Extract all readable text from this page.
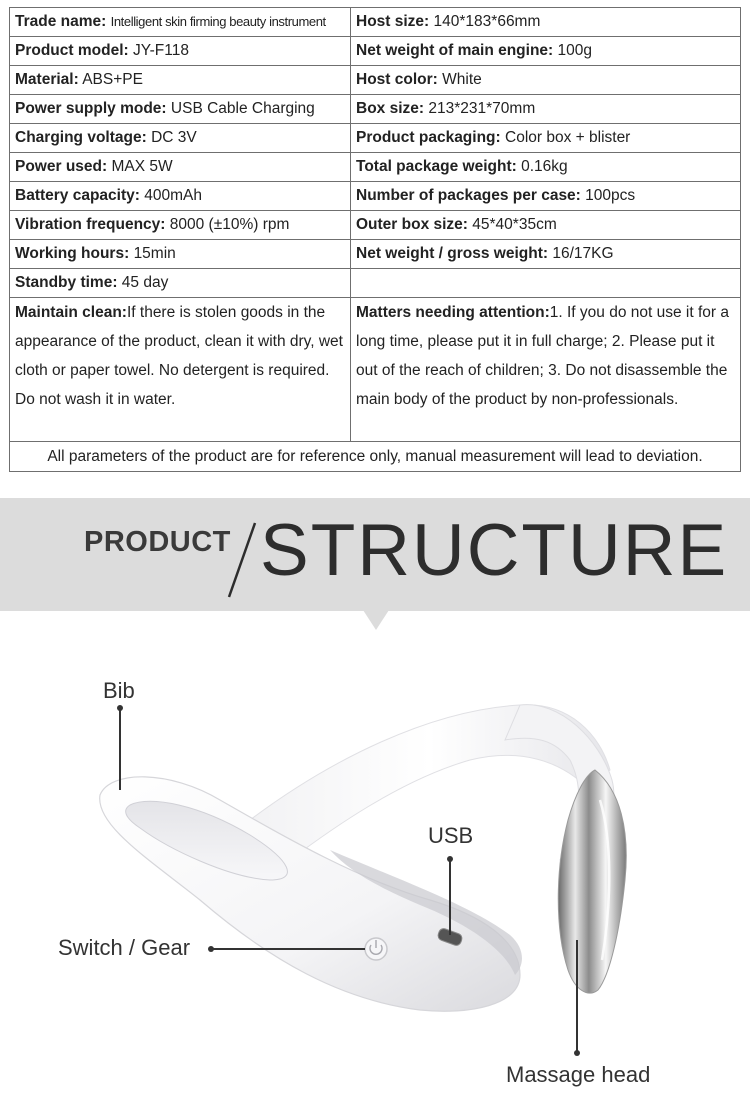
Trade name: Intelligent skin firming beauty instrument	Host size: 140*183*66mm
Product model: JY-F118	Net weight of main engine: 100g
Material: ABS+PE	Host color: White
Power supply mode: USB Cable Charging	Box size: 213*231*70mm
Charging voltage: DC 3V	Product packaging: Color box + blister
Power used: MAX 5W	Total package weight: 0.16kg
Battery capacity: 400mAh	Number of packages per case: 100pcs
Vibration frequency: 8000 (±10%) rpm	Outer box size: 45*40*35cm
Working hours: 15min	Net weight / gross weight: 16/17KG
Standby time: 45 day	
Maintain clean:If there is stolen goods in the appearance of the product, clean it with dry, wet cloth or paper towel. No detergent is required. Do not wash it in water.	Matters needing attention:1. If you do not use it for a long time, please put it in full charge; 2. Please put it out of the reach of children; 3. Do not disassemble the main body of the product by non-professionals.
All parameters of the product are for reference only, manual measurement will lead to deviation.	
PRODUCT STRUCTURE
Bib
USB
Switch / Gear
Massage head
